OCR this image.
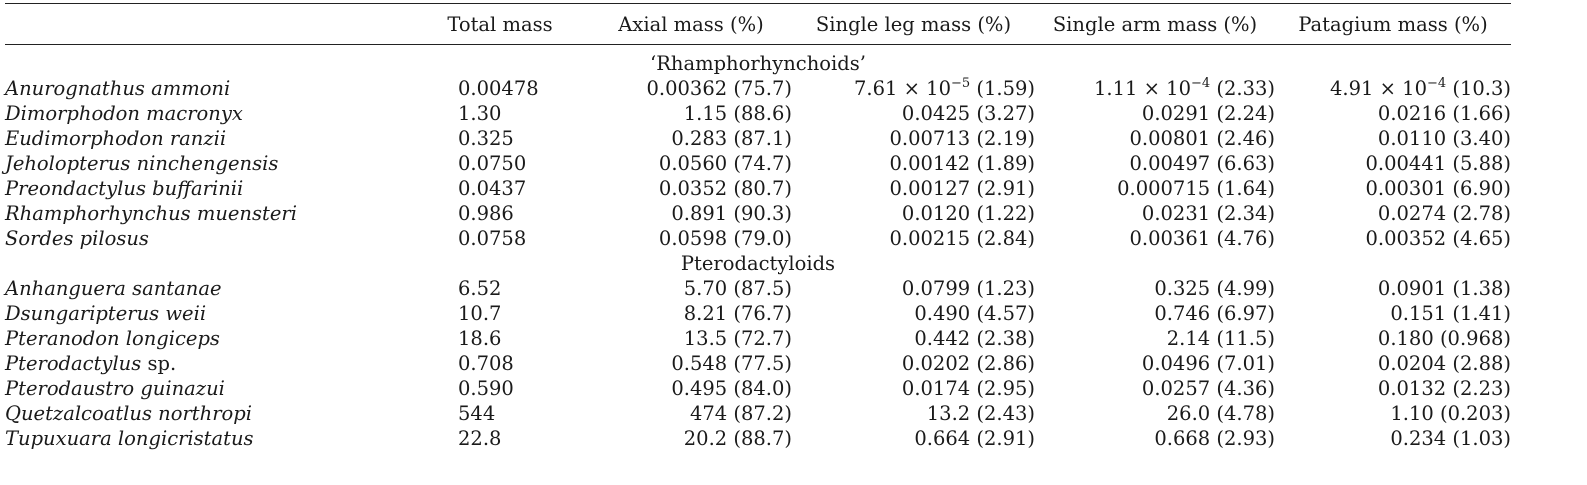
	Total mass	Axial mass (%)	Single leg mass (%)	Single arm mass (%)	Patagium mass (%)

‘Rhamphorhynchoids’					
Anurognathus ammoni	0.00478	0.00362 (75.7)	$7.61 \times 10^{-5}$ (1.59)	$1.11 \times 10^{-4}$ (2.33)	$4.91 \times 10^{-4}$ (10.3)
Dimorphodon macronyx	1.30	1.15 (88.6)	0.0425 (3.27)	0.0291 (2.24)	0.0216 (1.66)
Eudimorphodon ranzii	0.325	0.283 (87.1)	0.00713 (2.19)	0.00801 (2.46)	0.0110 (3.40)
Jeholopterus ninchengensis	0.0750	0.0560 (74.7)	0.00142 (1.89)	0.00497 (6.63)	0.00441 (5.88)
Preondactylus buffarinii	0.0437	0.0352 (80.7)	0.00127 (2.91)	0.000715 (1.64)	0.00301 (6.90)
Rhamphorhynchus muensteri	0.986	0.891 (90.3)	0.0120 (1.22)	0.0231 (2.34)	0.0274 (2.78)
Sordes pilosus	0.0758	0.0598 (79.0)	0.00215 (2.84)	0.00361 (4.76)	0.00352 (4.65)
Pterodactyloids					
Anhanguera santanae	6.52	5.70 (87.5)	0.0799 (1.23)	0.325 (4.99)	0.0901 (1.38)
Dsungaripterus weii	10.7	8.21 (76.7)	0.490 (4.57)	0.746 (6.97)	0.151 (1.41)
Pteranodon longiceps	18.6	13.5 (72.7)	0.442 (2.38)	2.14 (11.5)	0.180 (0.968)
Pterodactylus sp.	0.708	0.548 (77.5)	0.0202 (2.86)	0.0496 (7.01)	0.0204 (2.88)
Pterodaustro guinazui	0.590	0.495 (84.0)	0.0174 (2.95)	0.0257 (4.36)	0.0132 (2.23)
Quetzalcoatlus northropi	544	474 (87.2)	13.2 (2.43)	26.0 (4.78)	1.10 (0.203)
Tupuxuara longicristatus	22.8	20.2 (88.7)	0.664 (2.91)	0.668 (2.93)	0.234 (1.03)
